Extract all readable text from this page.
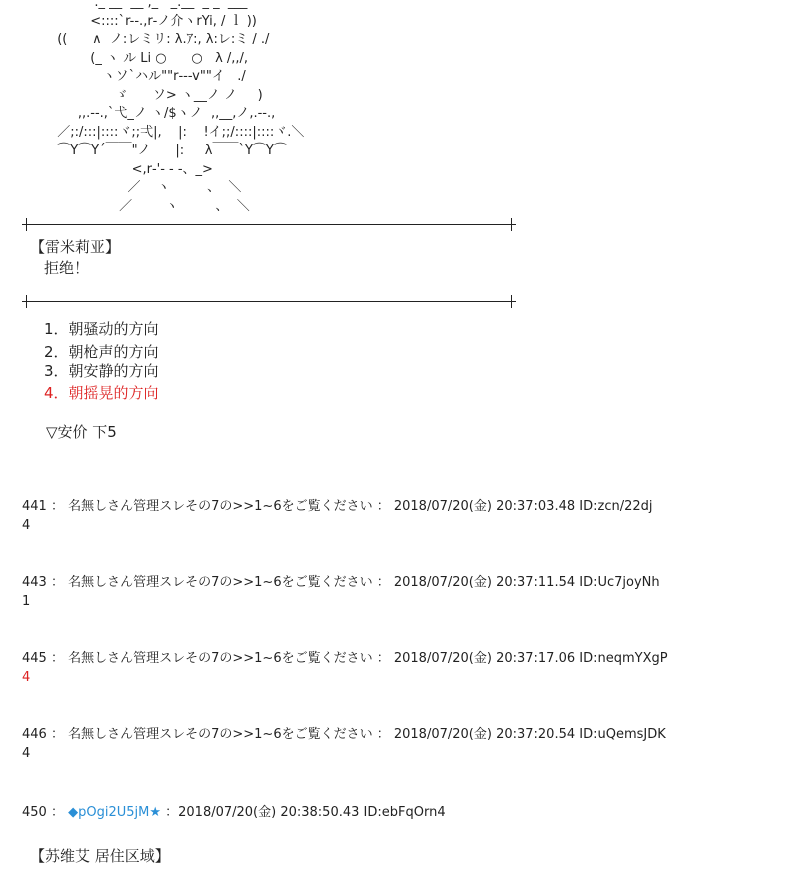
._ __  __ ,_   _.__  _ _  ___
<::::`r-‐.,r‐ノ介ヽrYi, / ｌ ))
((      ∧  ノ:レミリ: λ.ｱ:, λ:レ:ミ / ./
(_ ヽ ル Li ○      ○   λ /,,/,
ヽソ`ハル""r‐‐‐v""イ   ./
ゞ      ソ> ヽ__ノ ノ     )
,,.‐-.,`弋_ノ ヽ/$ヽノ  ,,__,ノ,.‐-.,
／;:/:::|::::ヾ;;弌|,    |:    !イ;;/::::|::::ヾ.＼
⌒Y⌒Y´￣￣"ノ      |:     λ￣￣`Y⌒Y⌒
<,r‐'‐ ‐ ‐、_>
／    ヽ         、  ＼
／        ヽ         、  ＼
【雷米莉亚】
拒绝！
1．朝骚动的方向
2．朝枪声的方向
3．朝安静的方向
4．朝摇晃的方向
▽安价 下5
441 ： 名無しさん管理スレその7の>>1~6をご覧ください ： 2018/07/20(金) 20:37:03.48 ID:zcn/22dj
4
443 ： 名無しさん管理スレその7の>>1~6をご覧ください ： 2018/07/20(金) 20:37:11.54 ID:Uc7joyNh
1
445 ： 名無しさん管理スレその7の>>1~6をご覧ください ： 2018/07/20(金) 20:37:17.06 ID:neqmYXgP
4
446 ： 名無しさん管理スレその7の>>1~6をご覧ください ： 2018/07/20(金) 20:37:20.54 ID:uQemsJDK
4
450 ： ◆pOgi2U5jM★ ：2018/07/20(金) 20:38:50.43 ID:ebFqOrn4
【苏维艾 居住区域】
